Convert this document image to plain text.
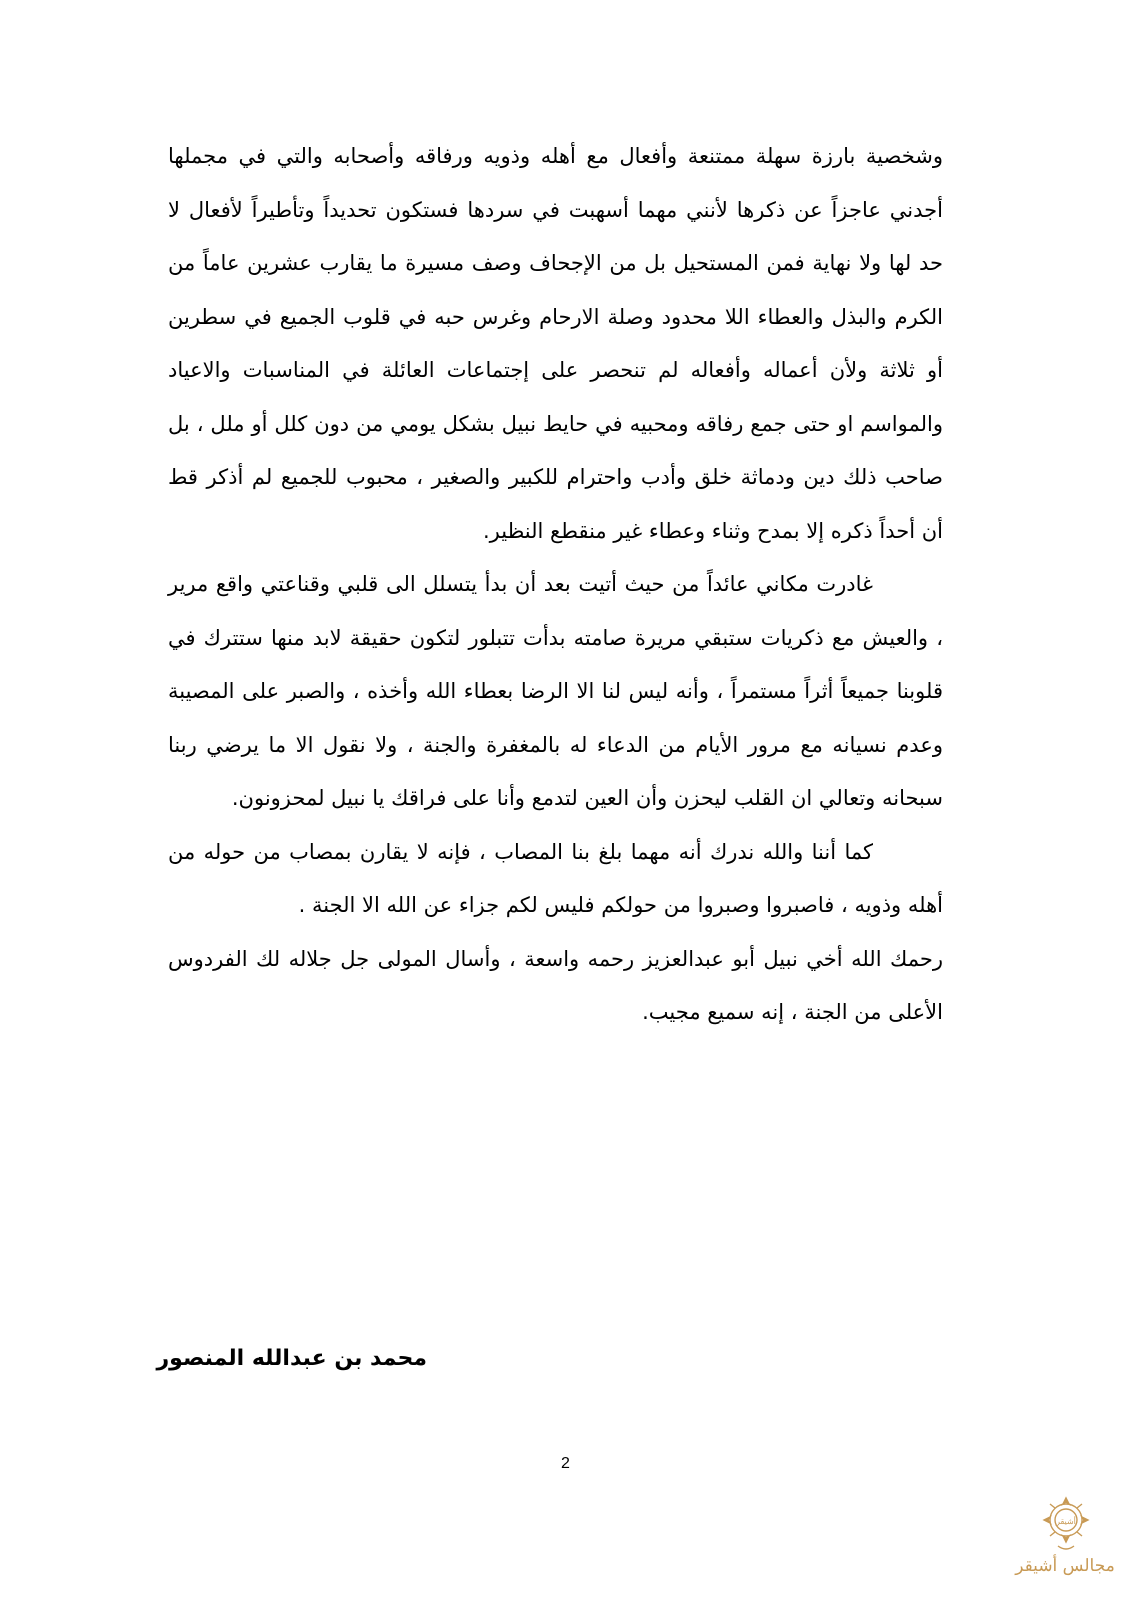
وشخصية بارزة سهلة ممتنعة وأفعال مع أهله وذويه ورفاقه وأصحابه والتي في مجملها أجدني عاجزاً عن ذكرها لأنني مهما أسهبت في سردها فستكون تحديداً وتأطيراً لأفعال لا حد لها ولا نهاية فمن المستحيل بل من الإجحاف وصف مسيرة ما يقارب عشرين عاماً من الكرم والبذل والعطاء اللا محدود وصلة الارحام وغرس حبه في قلوب الجميع في سطرين أو ثلاثة ولأن أعماله وأفعاله لم تنحصر على إجتماعات العائلة في المناسبات والاعياد والمواسم او حتى جمع رفاقه ومحبيه في حايط نبيل بشكل يومي من دون كلل أو ملل ، بل صاحب ذلك دين ودماثة خلق وأدب واحترام للكبير والصغير ، محبوب للجميع لم أذكر قط أن أحداً ذكره إلا بمدح وثناء وعطاء غير منقطع النظير.

غادرت مكاني عائداً من حيث أتيت بعد أن بدأ يتسلل الى قلبي وقناعتي واقع مرير ، والعيش مع ذكريات ستبقي مريرة صامته بدأت تتبلور لتكون حقيقة لابد منها ستترك في قلوبنا جميعاً أثراً مستمراً ، وأنه ليس لنا الا الرضا بعطاء الله وأخذه ، والصبر على المصيبة وعدم نسيانه مع مرور الأيام من الدعاء له بالمغفرة والجنة ، ولا نقول الا ما يرضي ربنا سبحانه وتعالي ان القلب ليحزن وأن العين لتدمع وأنا على فراقك يا نبيل لمحزونون.

كما أننا والله ندرك أنه مهما بلغ بنا المصاب ، فإنه لا يقارن بمصاب من حوله من أهله وذويه ، فاصبروا وصبروا من حولكم فليس لكم جزاء عن الله الا الجنة .

رحمك الله أخي نبيل أبو عبدالعزيز رحمه واسعة ، وأسال المولى جل جلاله لك الفردوس الأعلى من الجنة ، إنه سميع مجيب.

محمد بن عبدالله المنصور
2
أشيقر
مجالس أشيقر
